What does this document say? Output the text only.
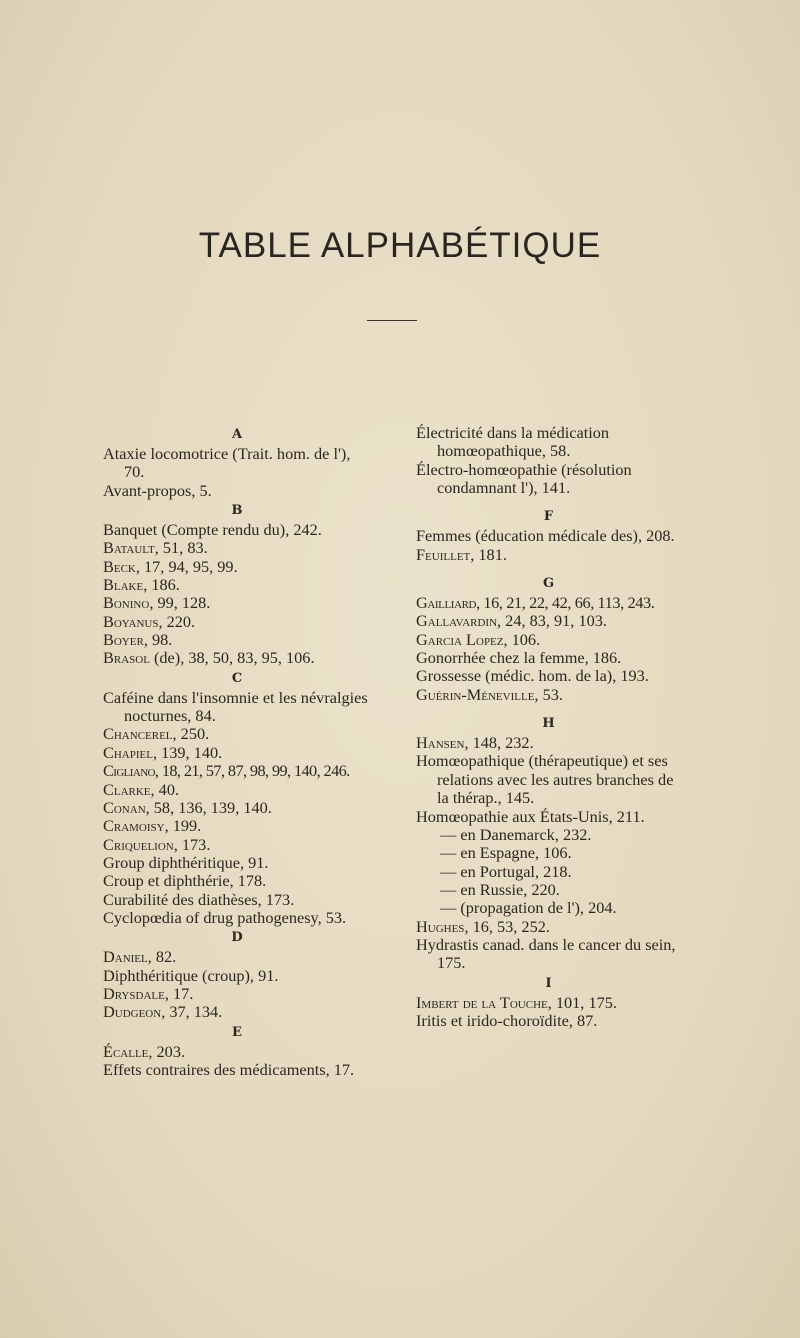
TABLE ALPHABÉTIQUE
A
Ataxie locomotrice (Trait. hom. de l'), 70.
Avant-propos, 5.
B
Banquet (Compte rendu du), 242.
Batault, 51, 83.
Beck, 17, 94, 95, 99.
Blake, 186.
Bonino, 99, 128.
Boyanus, 220.
Boyer, 98.
Brasol (de), 38, 50, 83, 95, 106.
C
Caféine dans l'insomnie et les névralgies nocturnes, 84.
Chancerel, 250.
Chapiel, 139, 140.
Cigliano, 18, 21, 57, 87, 98, 99, 140, 246.
Clarke, 40.
Conan, 58, 136, 139, 140.
Cramoisy, 199.
Criquelion, 173.
Group diphthéritique, 91.
Croup et diphthérie, 178.
Curabilité des diathèses, 173.
Cyclopœdia of drug pathogenesy, 53.
D
Daniel, 82.
Diphthéritique (croup), 91.
Drysdale, 17.
Dudgeon, 37, 134.
E
Écalle, 203.
Effets contraires des médicaments, 17.
Électricité dans la médication homœopathique, 58.
Électro-homœopathie (résolution condamnant l'), 141.
F
Femmes (éducation médicale des), 208.
Feuillet, 181.
G
Gailliard, 16, 21, 22, 42, 66, 113, 243.
Gallavardin, 24, 83, 91, 103.
Garcia Lopez, 106.
Gonorrhée chez la femme, 186.
Grossesse (médic. hom. de la), 193.
Guérin-Méneville, 53.
H
Hansen, 148, 232.
Homœopathique (thérapeutique) et ses relations avec les autres branches de la thérap., 145.
Homœopathie aux États-Unis, 211.
— en Danemarck, 232.
— en Espagne, 106.
— en Portugal, 218.
— en Russie, 220.
— (propagation de l'), 204.
Hughes, 16, 53, 252.
Hydrastis canad. dans le cancer du sein, 175.
I
Imbert de la Touche, 101, 175.
Iritis et irido-choroïdite, 87.
